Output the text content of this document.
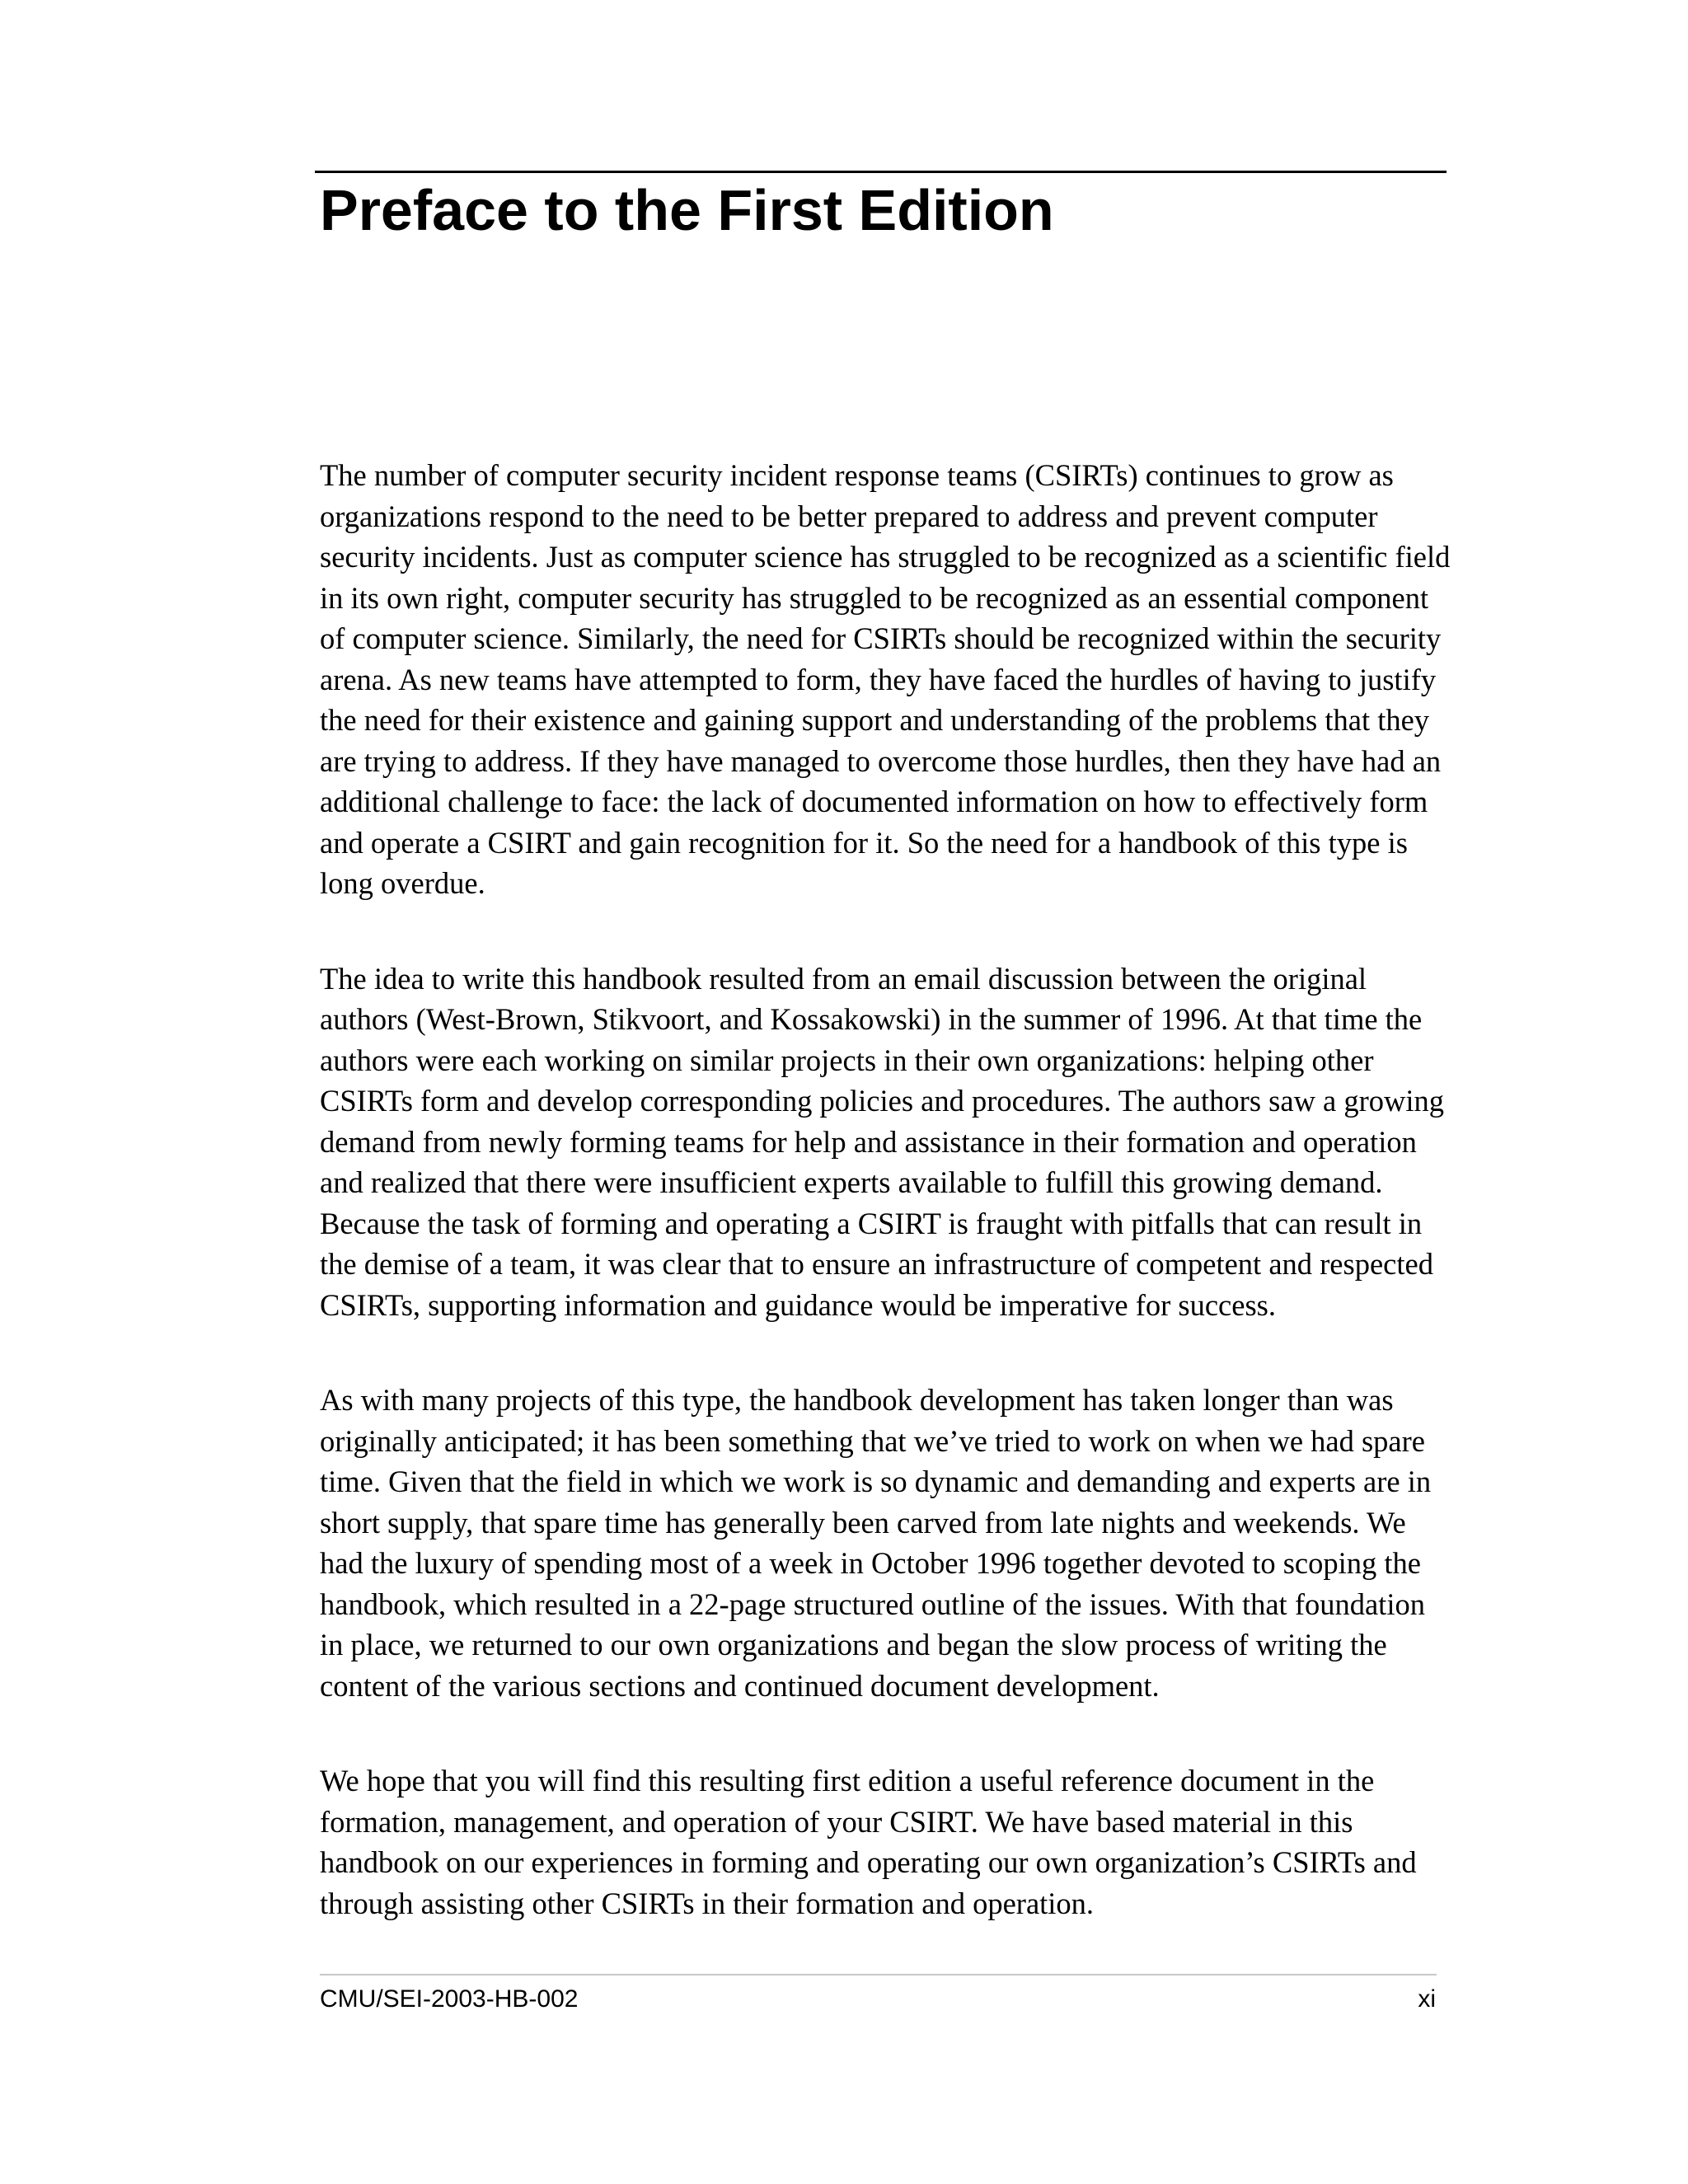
Preface to the First Edition

The number of computer security incident response teams (CSIRTs) continues to grow as
organizations respond to the need to be better prepared to address and prevent computer
security incidents. Just as computer science has struggled to be recognized as a scientific field
in its own right, computer security has struggled to be recognized as an essential component
of computer science. Similarly, the need for CSIRTs should be recognized within the security
arena. As new teams have attempted to form, they have faced the hurdles of having to justify
the need for their existence and gaining support and understanding of the problems that they
are trying to address. If they have managed to overcome those hurdles, then they have had an
additional challenge to face: the lack of documented information on how to effectively form
and operate a CSIRT and gain recognition for it. So the need for a handbook of this type is
long overdue.

The idea to write this handbook resulted from an email discussion between the original
authors (West-Brown, Stikvoort, and Kossakowski) in the summer of 1996. At that time the
authors were each working on similar projects in their own organizations: helping other
CSIRTs form and develop corresponding policies and procedures. The authors saw a growing
demand from newly forming teams for help and assistance in their formation and operation
and realized that there were insufficient experts available to fulfill this growing demand.
Because the task of forming and operating a CSIRT is fraught with pitfalls that can result in
the demise of a team, it was clear that to ensure an infrastructure of competent and respected
CSIRTs, supporting information and guidance would be imperative for success.

As with many projects of this type, the handbook development has taken longer than was
originally anticipated; it has been something that we’ve tried to work on when we had spare
time. Given that the field in which we work is so dynamic and demanding and experts are in
short supply, that spare time has generally been carved from late nights and weekends. We
had the luxury of spending most of a week in October 1996 together devoted to scoping the
handbook, which resulted in a 22-page structured outline of the issues. With that foundation
in place, we returned to our own organizations and began the slow process of writing the
content of the various sections and continued document development.

We hope that you will find this resulting first edition a useful reference document in the
formation, management, and operation of your CSIRT. We have based material in this
handbook on our experiences in forming and operating our own organization’s CSIRTs and
through assisting other CSIRTs in their formation and operation.

CMU/SEI-2003-HB-002	xi
